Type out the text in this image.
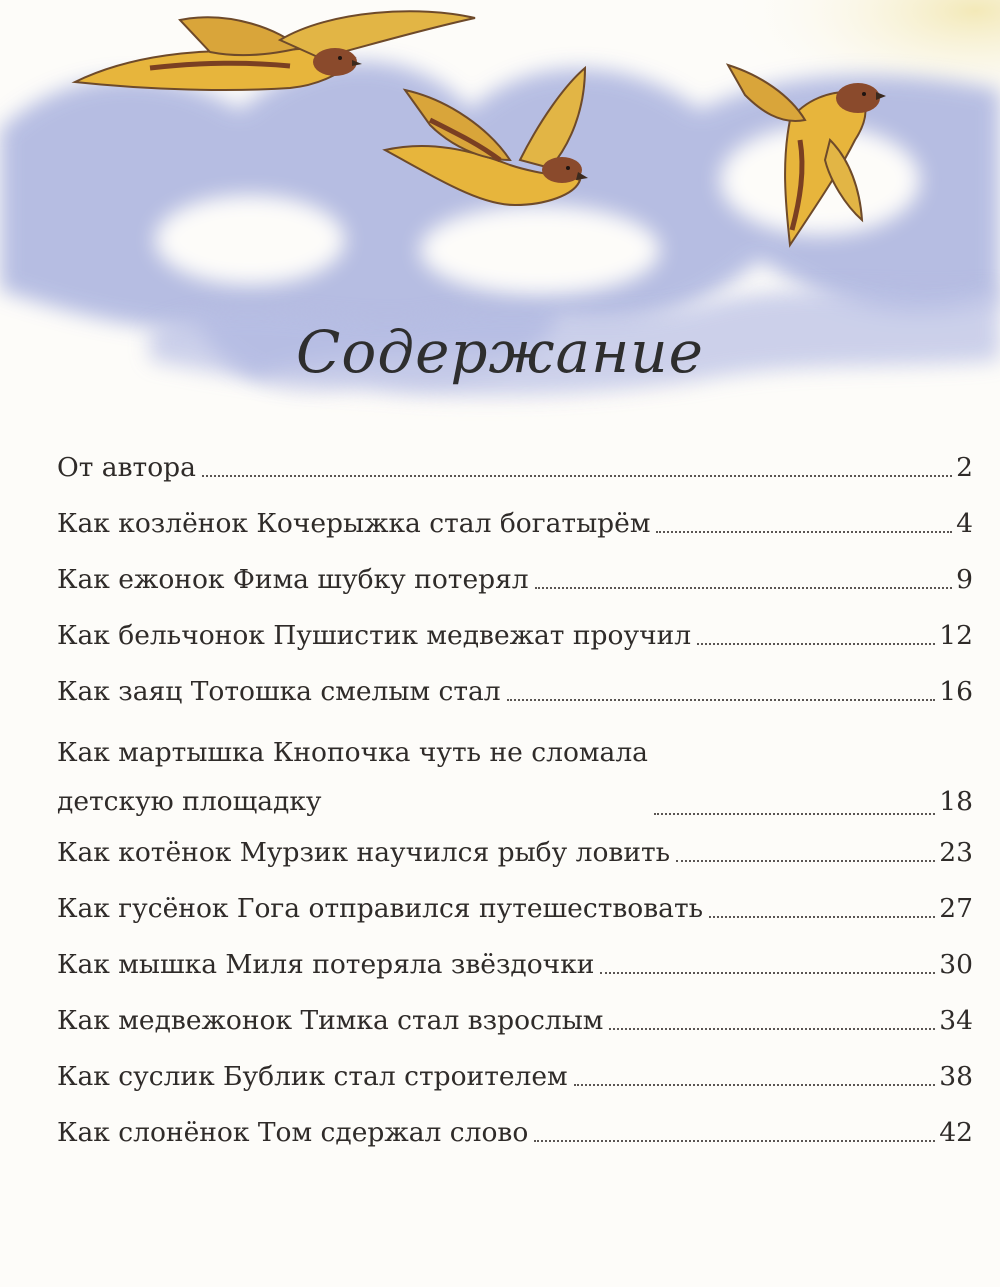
Содержание
От автора	2
Как козлёнок Кочерыжка стал богатырём	4
Как ежонок Фима шубку потерял	9
Как бельчонок Пушистик медвежат проучил	12
Как заяц Тотошка смелым стал	16
Как мартышка Кнопочка чуть не сломала
детскую площадку	18
Как котёнок Мурзик научился рыбу ловить	23
Как гусёнок Гога отправился путешествовать	27
Как мышка Миля потеряла звёздочки	30
Как медвежонок Тимка стал взрослым	34
Как суслик Бублик стал строителем	38
Как слонёнок Том сдержал слово	42
